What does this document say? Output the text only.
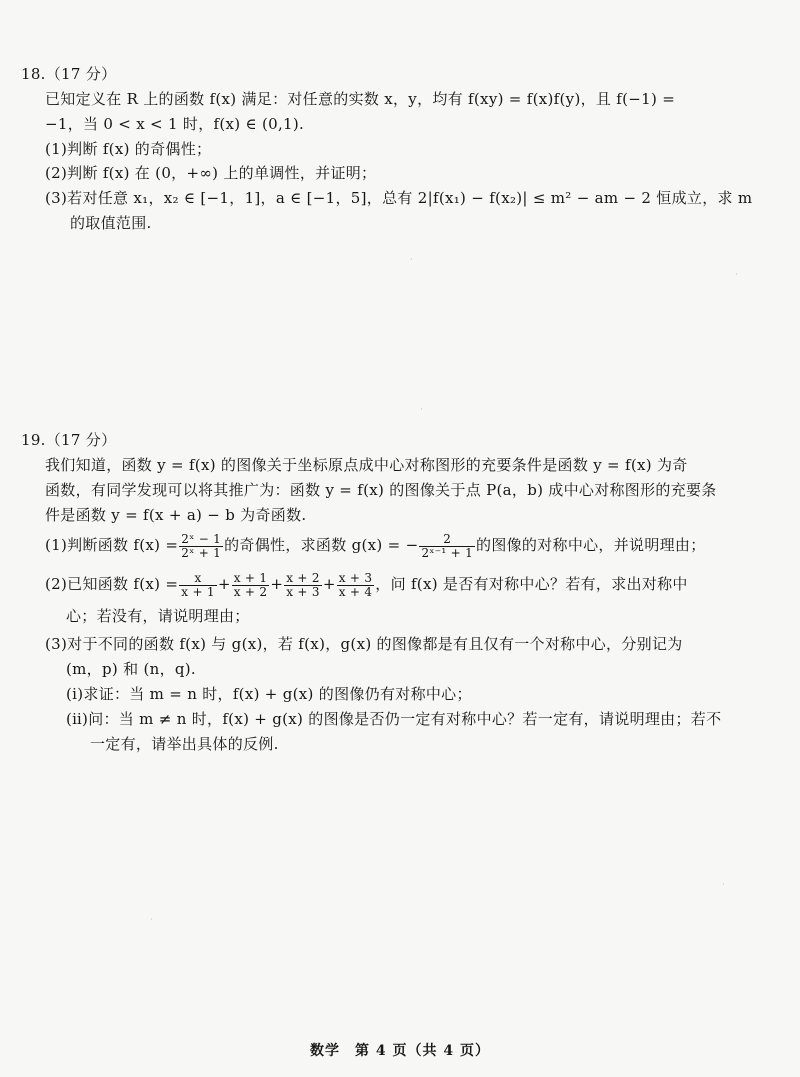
18.（17 分）
已知定义在 R 上的函数 f(x) 满足：对任意的实数 x，y，均有 f(xy) = f(x)f(y)，且 f(−1) =
−1，当 0 < x < 1 时，f(x) ∈ (0,1).
(1)判断 f(x) 的奇偶性；
(2)判断 f(x) 在 (0，+∞) 上的单调性，并证明；
(3)若对任意 x₁，x₂ ∈ [−1，1]，a ∈ [−1，5]，总有 2|f(x₁) − f(x₂)| ≤ m² − am − 2 恒成立，求 m
的取值范围.
19.（17 分）
我们知道，函数 y = f(x) 的图像关于坐标原点成中心对称图形的充要条件是函数 y = f(x) 为奇
函数，有同学发现可以将其推广为：函数 y = f(x) 的图像关于点 P(a，b) 成中心对称图形的充要条
件是函数 y = f(x + a) − b 为奇函数.
(1)判断函数 $f(x) = \frac{\text{2ˣ − 1}}{\text{2ˣ + 1}}$ 的奇偶性，求函数 g(x) = − $\frac{2}{\text{2ˣ⁻¹ + 1}}$ 的图像的对称中心，并说明理由；
(2)已知函数 $f(x) = \frac{x}{x + 1} + \frac{x + 1}{x + 2} + \frac{x + 2}{x + 3} + \frac{x + 3}{x + 4}$ ，问 f(x) 是否有对称中心？若有，求出对称中
心；若没有，请说明理由；
(3)对于不同的函数 f(x) 与 g(x)，若 f(x)，g(x) 的图像都是有且仅有一个对称中心，分别记为
(m，p) 和 (n，q).
(ⅰ)求证：当 m = n 时，f(x) + g(x) 的图像仍有对称中心；
(ⅱ)问：当 m ≠ n 时，f(x) + g(x) 的图像是否仍一定有对称中心？若一定有，请说明理由；若不
一定有，请举出具体的反例.
·
·
·
·
·
数学　第 4 页（共 4 页）
